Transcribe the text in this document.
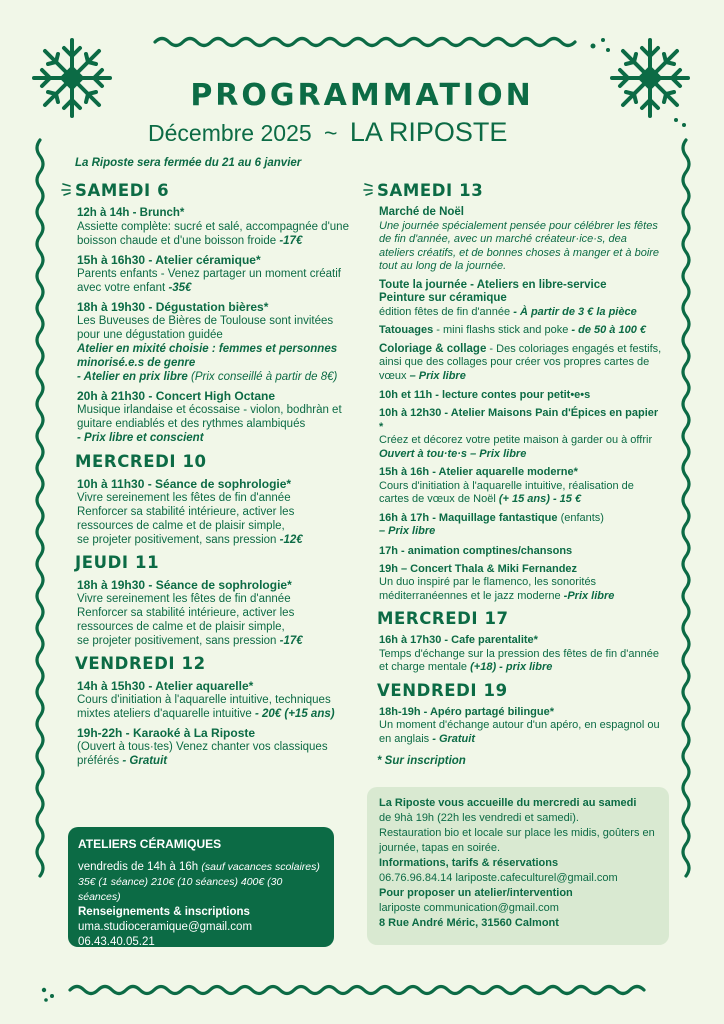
PROGRAMMATION
Décembre 2025 ~ LA RIPOSTE
La Riposte sera fermée du 21 au 6 janvier
SAMEDI 6
12h à 14h - Brunch*
Assiette complète: sucré et salé, accompagnée d'une boisson chaude et d'une boisson froide -17€
15h à 16h30 - Atelier céramique*
Parents enfants - Venez partager un moment créatif avec votre enfant -35€
18h à 19h30 - Dégustation bières*
Les Buveuses de Bières de Toulouse sont invitées pour une dégustation guidée
Atelier en mixité choisie : femmes et personnes minorisé.e.s de genre
- Atelier en prix libre (Prix conseillé à partir de 8€)
20h à 21h30 - Concert High Octane
Musique irlandaise et écossaise - violon, bodhràn et guitare endiablés et des rythmes alambiqués
- Prix libre et conscient
MERCREDI 10
10h à 11h30 - Séance de sophrologie*
Vivre sereinement les fêtes de fin d'année
Renforcer sa stabilité intérieure, activer les ressources de calme et de plaisir simple,
se projeter positivement, sans pression -12€
JEUDI 11
18h à 19h30 - Séance de sophrologie*
Vivre sereinement les fêtes de fin d'année
Renforcer sa stabilité intérieure, activer les ressources de calme et de plaisir simple,
se projeter positivement, sans pression -17€
VENDREDI 12
14h à 15h30 - Atelier aquarelle*
Cours d'initiation à l'aquarelle intuitive, techniques mixtes ateliers d'aquarelle intuitive - 20€ (+15 ans)
19h-22h - Karaoké à La Riposte
(Ouvert à tous·tes) Venez chanter vos classiques préférés - Gratuit
SAMEDI 13
Marché de Noël
Une journée spécialement pensée pour célébrer les fêtes de fin d'année, avec un marché créateur·ice·s, dea ateliers créatifs, et de bonnes choses à manger et à boire tout au long de la journée.
Toute la journée - Ateliers en libre-service
Peinture sur céramique
édition fêtes de fin d'année - À partir de 3 € la pièce
Tatouages - mini flashs stick and poke - de 50 à 100 €
Coloriage & collage - Des coloriages engagés et festifs, ainsi que des collages pour créer vos propres cartes de vœux – Prix libre
10h et 11h - lecture contes pour petit•e•s
10h à 12h30 - Atelier Maisons Pain d'Épices en papier *
Créez et décorez votre petite maison à garder ou à offrir Ouvert à tou·te·s – Prix libre
15h à 16h - Atelier aquarelle moderne*
Cours d'initiation à l'aquarelle intuitive, réalisation de cartes de vœux de Noël (+ 15 ans) - 15 €
16h à 17h - Maquillage fantastique (enfants)
– Prix libre
17h - animation comptines/chansons
19h – Concert Thala & Miki Fernandez
Un duo inspiré par le flamenco, les sonorités méditerranéennes et le jazz moderne -Prix libre
MERCREDI 17
16h à 17h30 - Cafe parentalite*
Temps d'échange sur la pression des fêtes de fin d'année et charge mentale (+18) - prix libre
VENDREDI 19
18h-19h - Apéro partagé bilingue*
Un moment d'échange autour d'un apéro, en espagnol ou en anglais - Gratuit
* Sur inscription
ATELIERS CÉRAMIQUES
vendredis de 14h à 16h (sauf vacances scolaires)
35€ (1 séance) 210€ (10 séances) 400€ (30 séances)
Renseignements & inscriptions
uma.studioceramique@gmail.com
06.43.40.05.21
La Riposte vous accueille du mercredi au samedi
de 9hà 19h (22h les vendredi et samedi).
Restauration bio et locale sur place les midis, goûters en journée, tapas en soirée.
Informations, tarifs & réservations
06.76.96.84.14 lariposte.cafeculturel@gmail.com
Pour proposer un atelier/intervention
lariposte communication@gmail.com
8 Rue André Méric, 31560 Calmont
